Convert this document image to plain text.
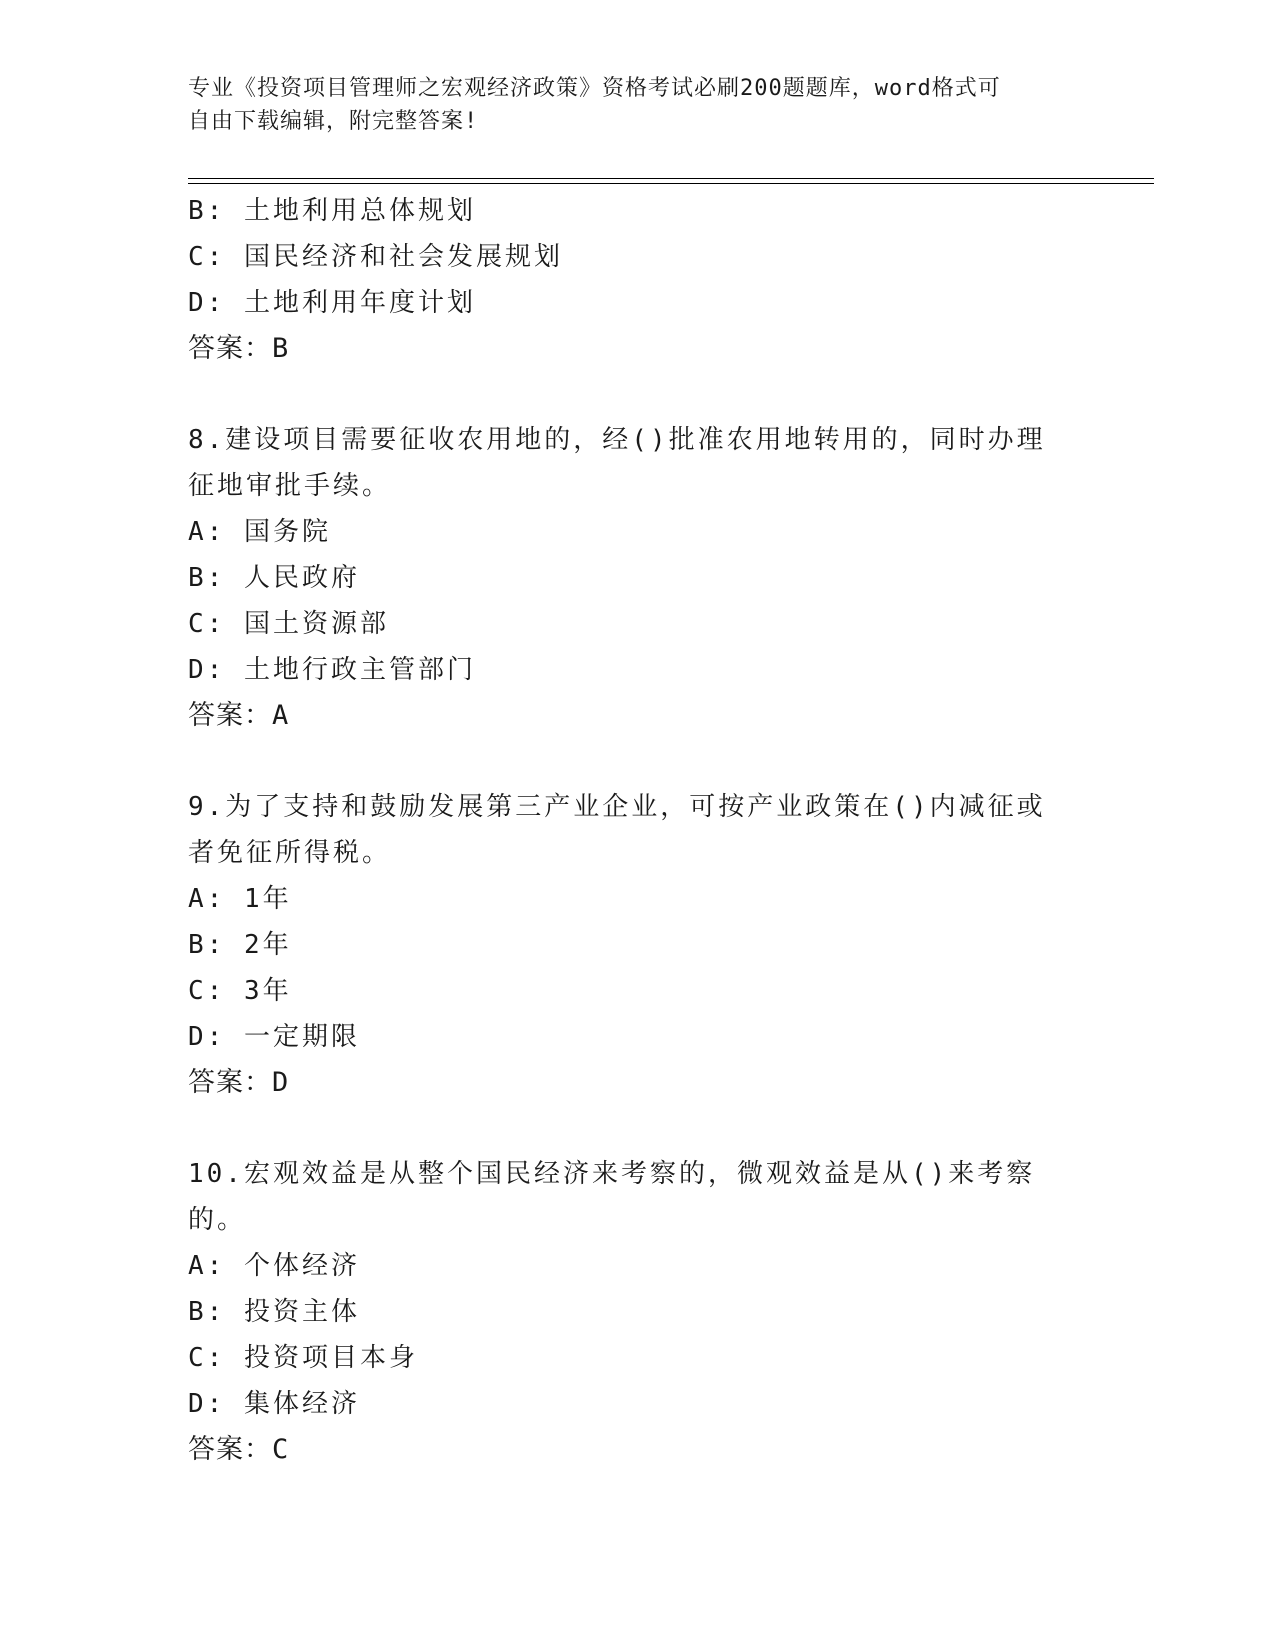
专业《投资项目管理师之宏观经济政策》资格考试必刷200题题库，word格式可
自由下载编辑，附完整答案!
B: 土地利用总体规划
C: 国民经济和社会发展规划
D: 土地利用年度计划
答案：B
8.建设项目需要征收农用地的，经()批准农用地转用的，同时办理征地审批手续。
A: 国务院
B: 人民政府
C: 国土资源部
D: 土地行政主管部门
答案：A
9.为了支持和鼓励发展第三产业企业，可按产业政策在()内减征或者免征所得税。
A: 1年
B: 2年
C: 3年
D: 一定期限
答案：D
10.宏观效益是从整个国民经济来考察的，微观效益是从()来考察的。
A: 个体经济
B: 投资主体
C: 投资项目本身
D: 集体经济
答案：C
